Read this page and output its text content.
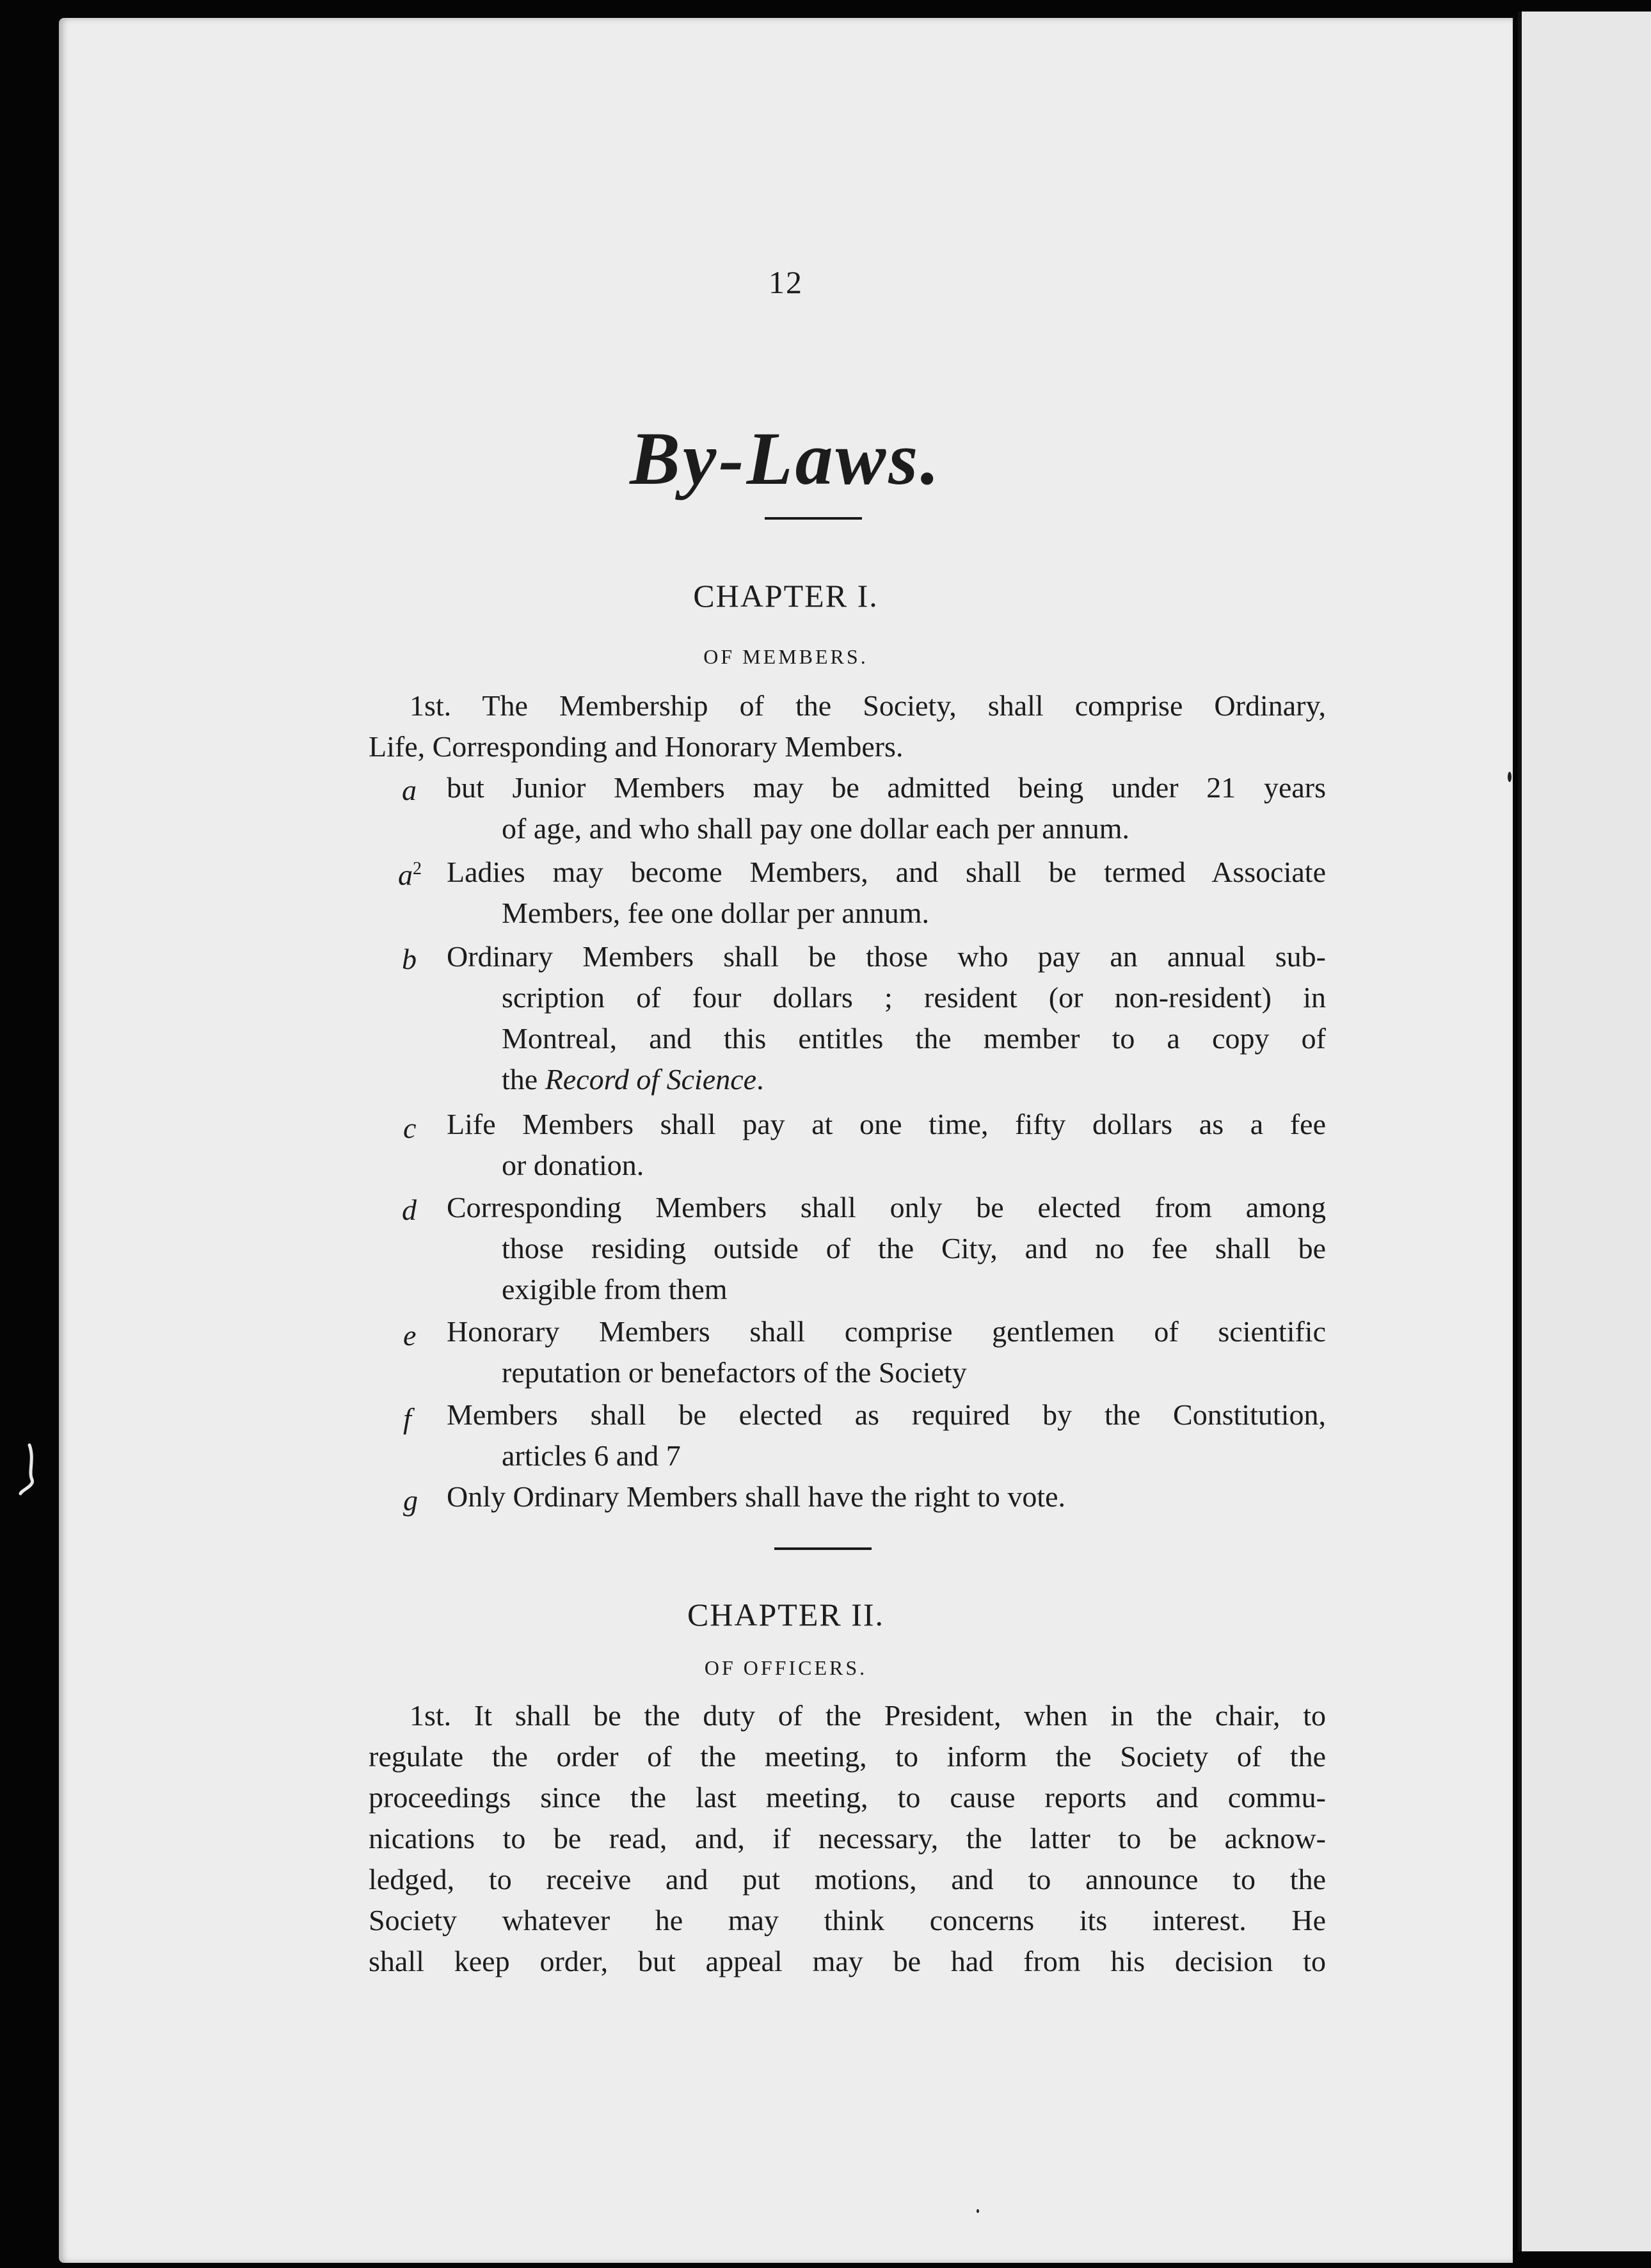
12
By-Laws.
CHAPTER I.
OF MEMBERS.
1st. The Membership of the Society, shall comprise Ordinary,
Life, Corresponding and Honorary Members.
a but Junior Members may be admitted being under 21 years
of age, and who shall pay one dollar each per annum.
$a^2$ Ladies may become Members, and shall be termed Associate
Members, fee one dollar per annum.
b Ordinary Members shall be those who pay an annual sub-
scription of four dollars ; resident (or non-resident) in
Montreal, and this entitles the member to a copy of
the Record of Science.
c Life Members shall pay at one time, fifty dollars as a fee
or donation.
d Corresponding Members shall only be elected from among
those residing outside of the City, and no fee shall be
exigible from them
e Honorary Members shall comprise gentlemen of scientific
reputation or benefactors of the Society
f Members shall be elected as required by the Constitution,
articles 6 and 7
g Only Ordinary Members shall have the right to vote.
CHAPTER II.
OF OFFICERS.
1st. It shall be the duty of the President, when in the chair, to
regulate the order of the meeting, to inform the Society of the
proceedings since the last meeting, to cause reports and commu-
nications to be read, and, if necessary, the latter to be acknow-
ledged, to receive and put motions, and to announce to the
Society whatever he may think concerns its interest. He
shall keep order, but appeal may be had from his decision to
